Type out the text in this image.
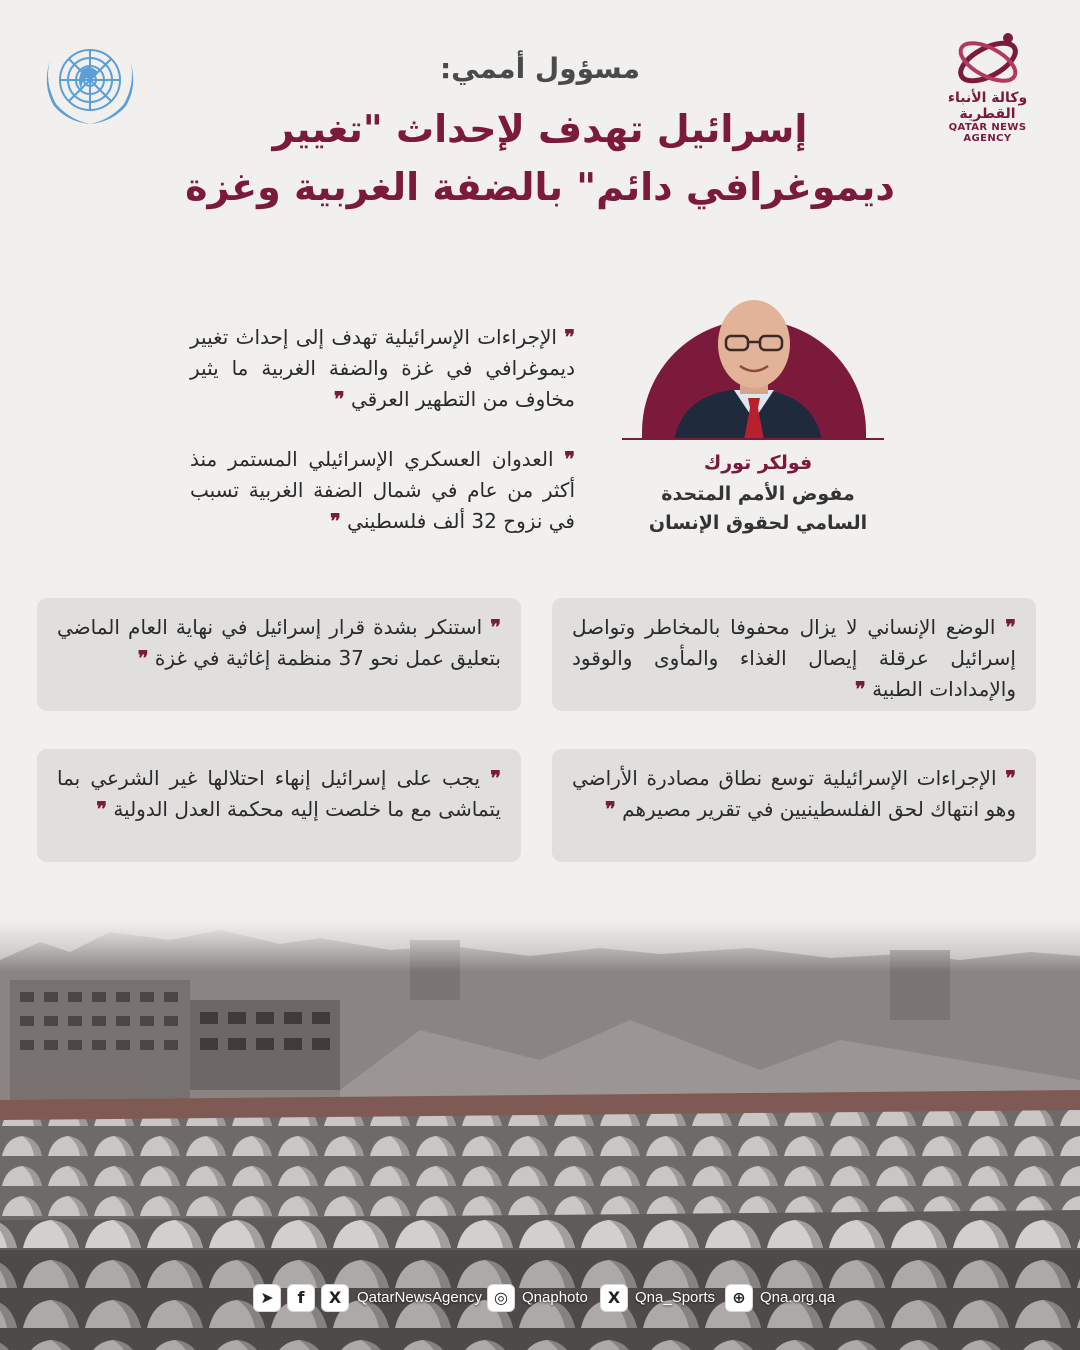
وكالة الأنباء القطرية
QATAR NEWS AGENCY
مسؤول أممي:
إسرائيل تهدف لإحداث "تغيير
ديموغرافي دائم" بالضفة الغربية وغزة
فولكر تورك
مفوض الأمم المتحدة
السامي لحقوق الإنسان
❞ الإجراءات الإسرائيلية تهدف إلى إحداث تغيير ديموغرافي في غزة والضفة الغربية ما يثير مخاوف من التطهير العرقي ❞
❞ العدوان العسكري الإسرائيلي المستمر منذ أكثر من عام في شمال الضفة الغربية تسبب في نزوح 32 ألف فلسطيني ❞
❞ الوضع الإنساني لا يزال محفوفا بالمخاطر وتواصل إسرائيل عرقلة إيصال الغذاء والمأوى والوقود والإمدادات الطبية ❞
❞ استنكر بشدة قرار إسرائيل في نهاية العام الماضي بتعليق عمل نحو 37 منظمة إغاثية في غزة ❞
❞ الإجراءات الإسرائيلية توسع نطاق مصادرة الأراضي وهو انتهاك لحق الفلسطينيين في تقرير مصيرهم ❞
❞ يجب على إسرائيل إنهاء احتلالها غير الشرعي بما يتماشى مع ما خلصت إليه محكمة العدل الدولية ❞
➤	f	X	QatarNewsAgency ◎ Qnaphoto	X Qna_Sports	⊕ Qna.org.qa
